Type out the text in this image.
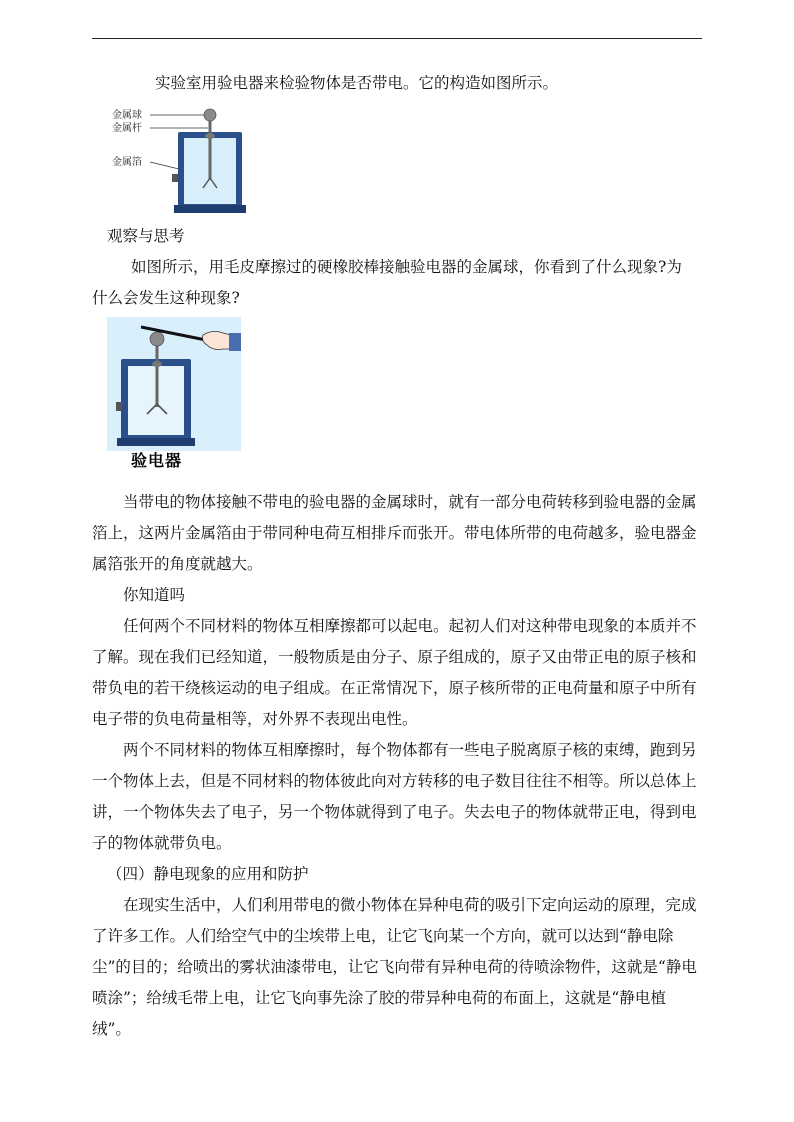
实验室用验电器来检验物体是否带电。它的构造如图所示。

金属球
金属杆
金属箔

观察与思考

如图所示，用毛皮摩擦过的硬橡胶棒接触验电器的金属球，你看到了什么现象?为

什么会发生这种现象?

验电器

当带电的物体接触不带电的验电器的金属球时，就有一部分电荷转移到验电器的金属箔上，这两片金属箔由于带同种电荷互相排斥而张开。带电体所带的电荷越多，验电器金属箔张开的角度就越大。

你知道吗

任何两个不同材料的物体互相摩擦都可以起电。起初人们对这种带电现象的本质并不了解。现在我们已经知道，一般物质是由分子、原子组成的，原子又由带正电的原子核和带负电的若干绕核运动的电子组成。在正常情况下，原子核所带的正电荷量和原子中所有电子带的负电荷量相等，对外界不表现出电性。

两个不同材料的物体互相摩擦时，每个物体都有一些电子脱离原子核的束缚，跑到另一个物体上去，但是不同材料的物体彼此向对方转移的电子数目往往不相等。所以总体上讲，一个物体失去了电子，另一个物体就得到了电子。失去电子的物体就带正电，得到电子的物体就带负电。

（四）静电现象的应用和防护

在现实生活中，人们利用带电的微小物体在异种电荷的吸引下定向运动的原理，完成了许多工作。人们给空气中的尘埃带上电，让它飞向某一个方向，就可以达到“静电除尘”的目的；给喷出的雾状油漆带电，让它飞向带有异种电荷的待喷涂物件，这就是“静电喷涂”；给绒毛带上电，让它飞向事先涂了胶的带异种电荷的布面上，这就是“静电植绒”。
